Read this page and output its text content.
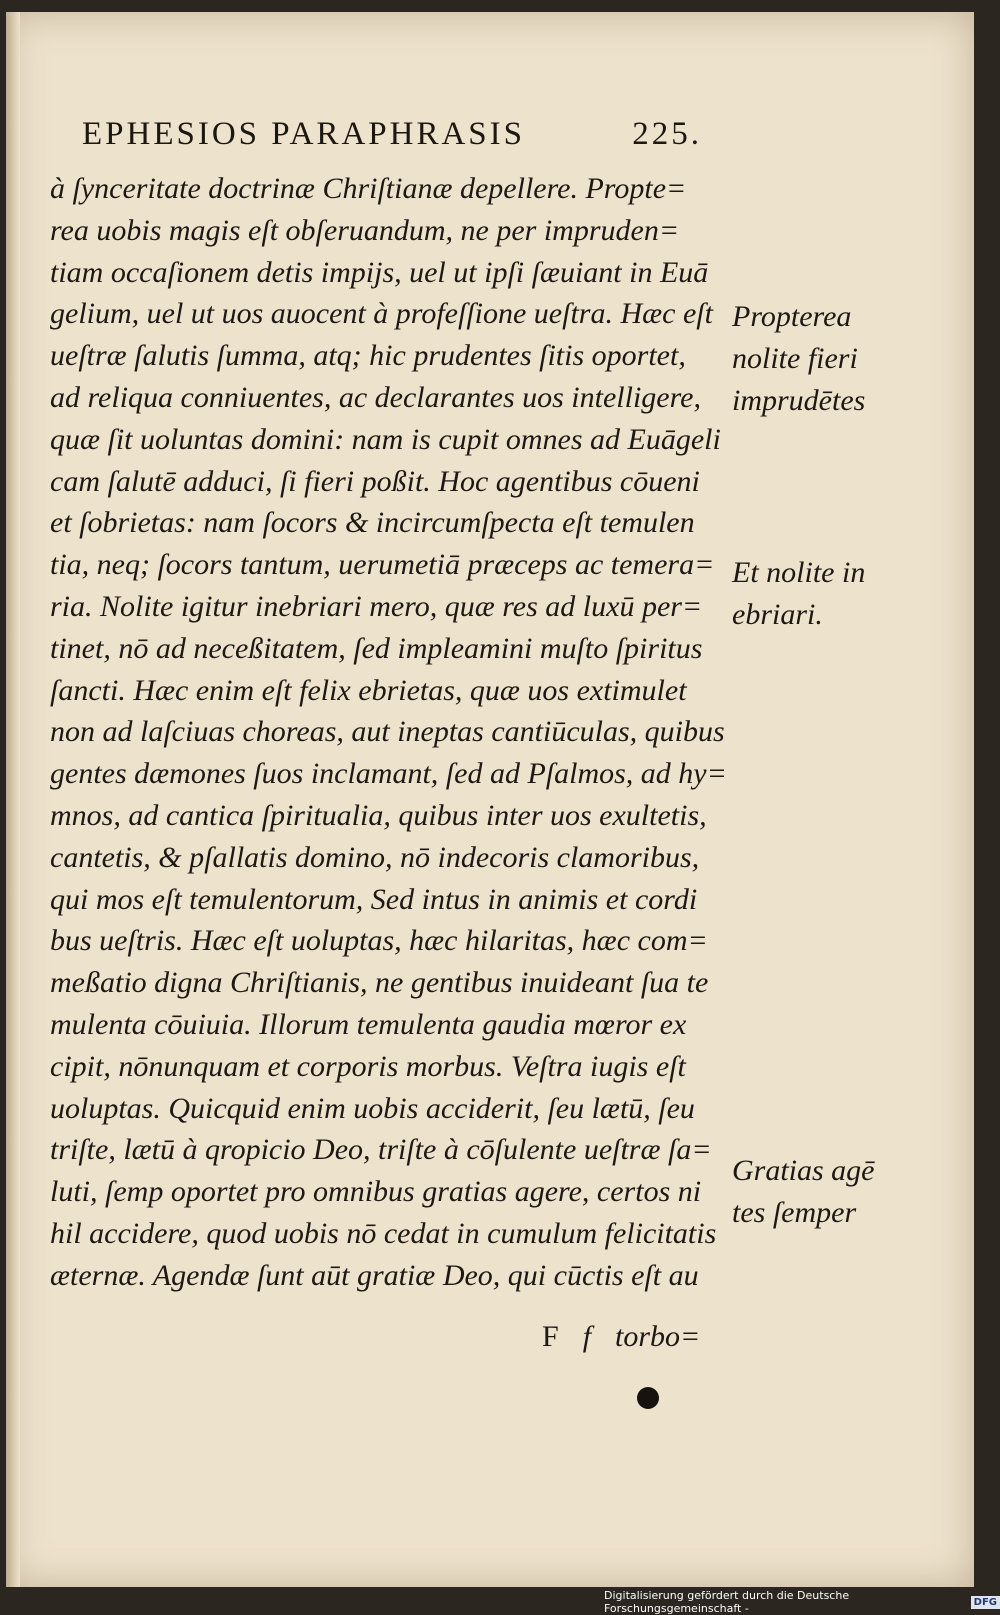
EPHESIOS PARAPHRASIS	225.
à ſynceritate doctrinæ Chriſtianæ depellere. Propte=
rea uobis magis eſt obſeruandum, ne per impruden=
tiam occaſionem detis impijs, uel ut ipſi ſæuiant in Euā
gelium, uel ut uos auocent à profeſſione ueſtra. Hæc eſt
ueſtræ ſalutis ſumma, atq; hic prudentes ſitis oportet,
ad reliqua conniuentes, ac declarantes uos intelligere,
quæ ſit uoluntas domini: nam is cupit omnes ad Euāgeli
cam ſalutē adduci, ſi fieri poßit. Hoc agentibus cōueni
et ſobrietas: nam ſocors & incircumſpecta eſt temulen
tia, neq; ſocors tantum, uerumetiā præceps ac temera=
ria. Nolite igitur inebriari mero, quæ res ad luxū per=
tinet, nō ad neceßitatem, ſed impleamini muſto ſpiritus
ſancti. Hæc enim eſt felix ebrietas, quæ uos extimulet
non ad laſciuas choreas, aut ineptas cantiūculas, quibus
gentes dæmones ſuos inclamant, ſed ad Pſalmos, ad hy=
mnos, ad cantica ſpiritualia, quibus inter uos exultetis,
cantetis, & pſallatis domino, nō indecoris clamoribus,
qui mos eſt temulentorum, Sed intus in animis et cordi
bus ueſtris. Hæc eſt uoluptas, hæc hilaritas, hæc com=
meßatio digna Chriſtianis, ne gentibus inuideant ſua te
mulenta cōuiuia. Illorum temulenta gaudia mœror ex
cipit, nōnunquam et corporis morbus. Veſtra iugis eſt
uoluptas. Quicquid enim uobis acciderit, ſeu lætū, ſeu
triſte, lætū à qropicio Deo, triſte à cōſulente ueſtræ ſa=
luti, ſemp oportet pro omnibus gratias agere, certos ni
hil accidere, quod uobis nō cedat in cumulum felicitatis
æternæ. Agendæ ſunt aūt gratiæ Deo, qui cūctis eſt au
Propterea
nolite fieri
imprudētes
Et nolite in
ebriari.
Gratias agē
tes ſemper
F f torbo=
Digitalisierung gefördert durch die Deutsche Forschungsgemeinschaft -	DFG
